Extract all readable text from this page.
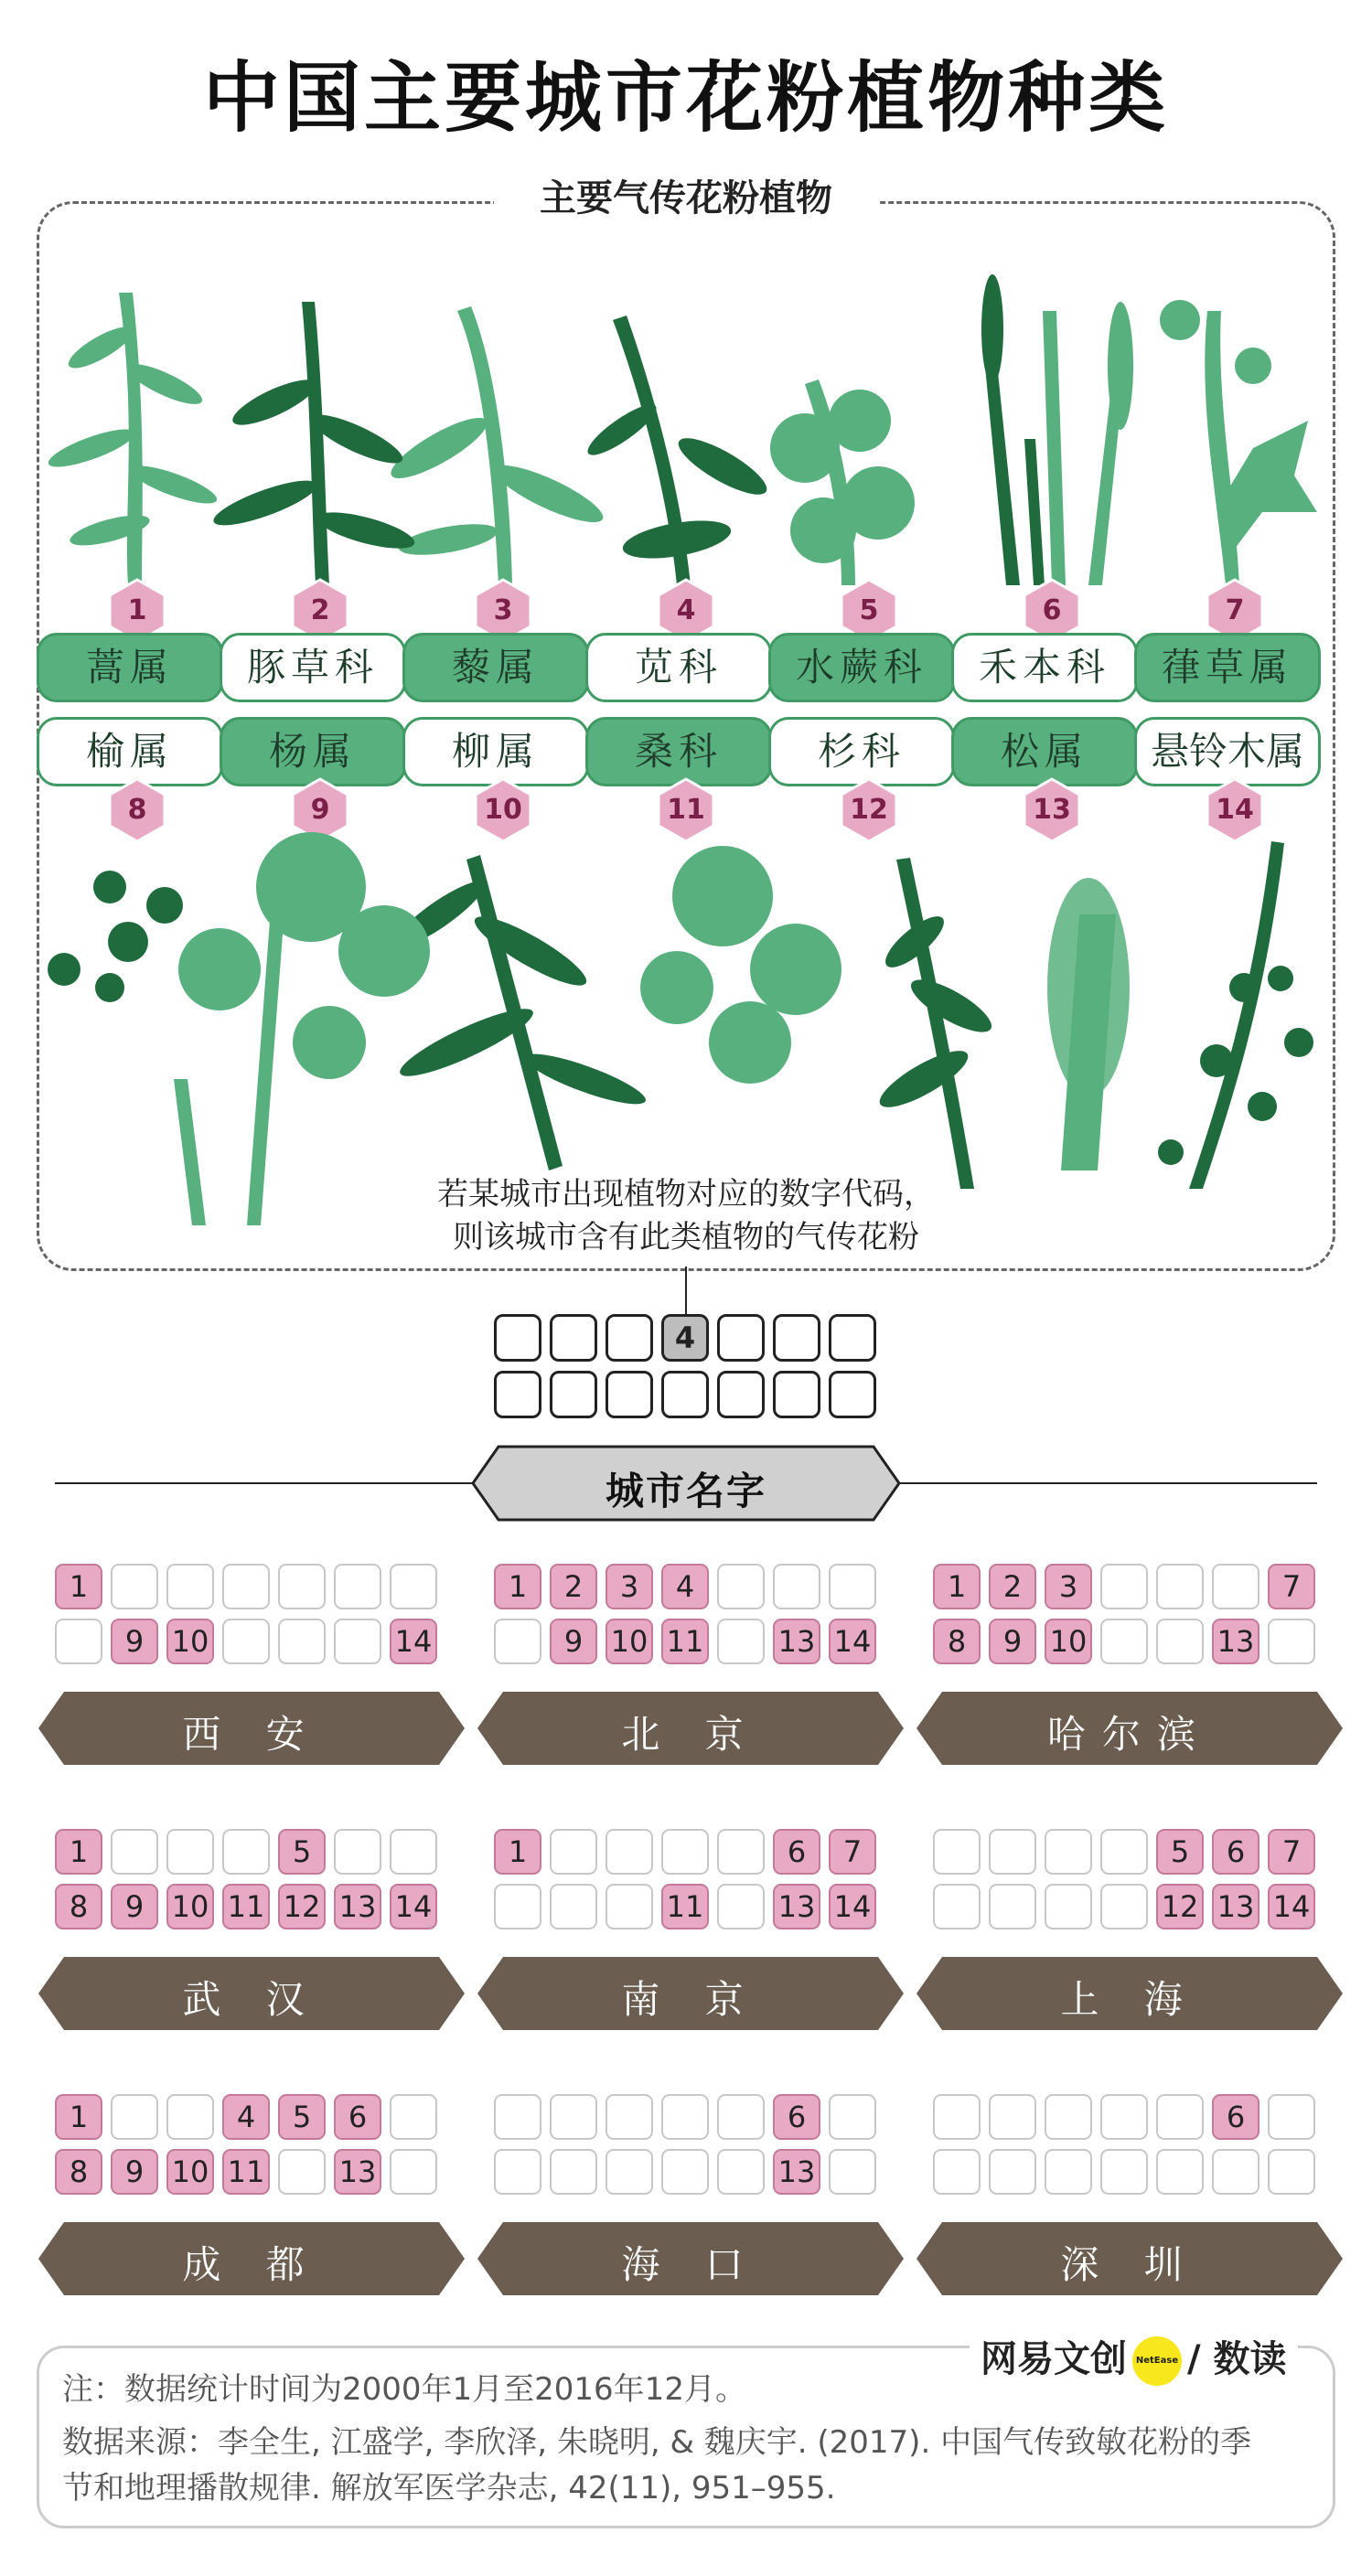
中国主要城市花粉植物种类
主要气传花粉植物
1	2	3	4	5	6	7
蒿属	豚草科	藜属	苋科	水蕨科	禾本科	葎草属
榆属	杨属	柳属	桑科	杉科	松属	悬铃木属
8	9	10	11	12	13	14
若某城市出现植物对应的数字代码，
则该城市含有此类植物的气传花粉
4
城市名字
1
9 10	14
西 安
1	2	3	4
9 10 11	13 14
北 京
1	2	3	7
8	9 10	13
哈尔滨
1	5
8	9 10 11 12 13 14
武 汉
1	6	7
11	13 14
南 京
5	6	7
12 13 14
上 海
1	4	5	6
8	9 10 11	13
成 都
6
13
海 口
6
深 圳
网易文创 NetEase / 数读
注：数据统计时间为2000年1月至2016年12月。
数据来源：李全生, 江盛学, 李欣泽, 朱晓明, & 魏庆宇. (2017). 中国气传致敏花粉的季
节和地理播散规律. 解放军医学杂志, 42(11), 951–955.
